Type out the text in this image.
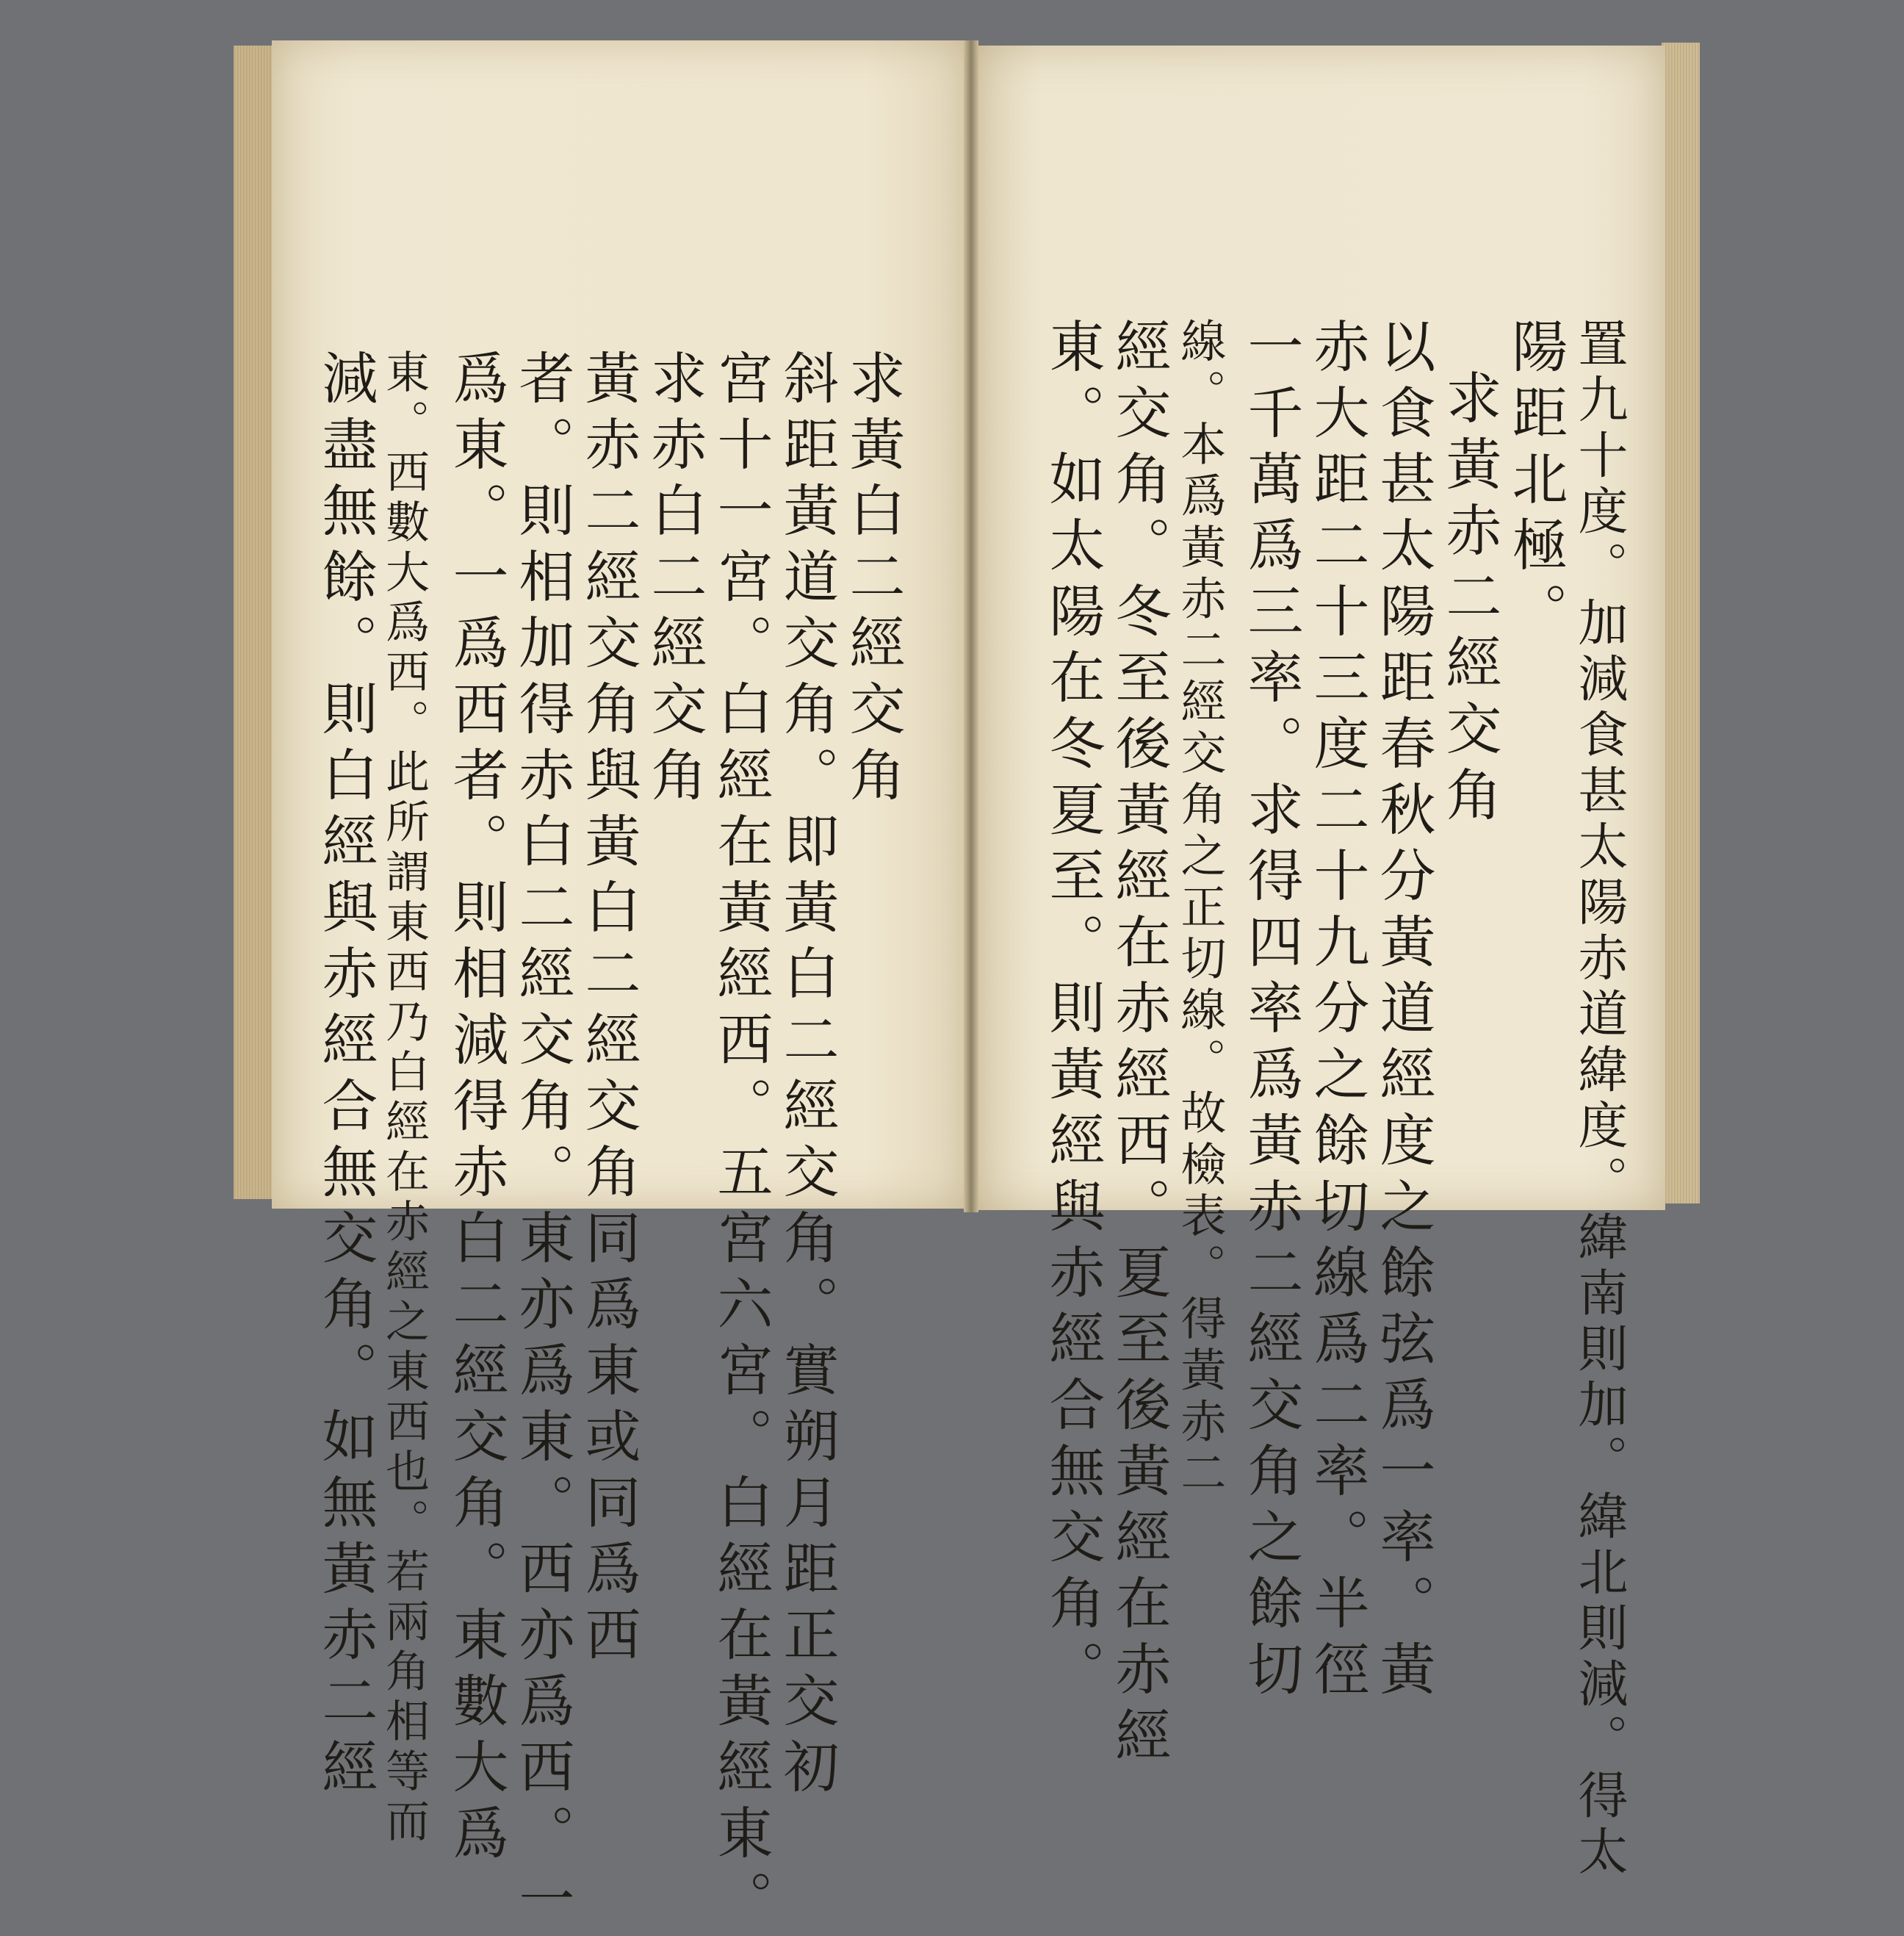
求黃白二經交角
斜距黃道交角。即黃白二經交角。實朔月距正交初
宮十一宮。白經在黃經西。五宮六宮。白經在黃經東。
求赤白二經交角
黃赤二經交角與黃白二經交角同爲東或同爲西
者。則相加得赤白二經交角。東亦爲東。西亦爲西。一
爲東。一爲西者。則相減得赤白二經交角。東數大爲
東。西數大爲西。此所謂東西乃白經在赤經之東西也。若兩角相等而
減盡無餘。則白經與赤經合無交角。如無黃赤二經	置九十度。加減食甚太陽赤道緯度。緯南則加。緯北則減。得太
陽距北極。
求黃赤二經交角
以食甚太陽距春秋分黃道經度之餘弦爲一率。黃
赤大距二十三度二十九分之餘切線爲二率。半徑
一千萬爲三率。求得四率爲黃赤二經交角之餘切
線。本爲黃赤二經交角之正切線。故檢表。得黃赤二
經交角。冬至後黃經在赤經西。夏至後黃經在赤經
東。如太陽在冬夏至。則黃經與赤經合無交角。
